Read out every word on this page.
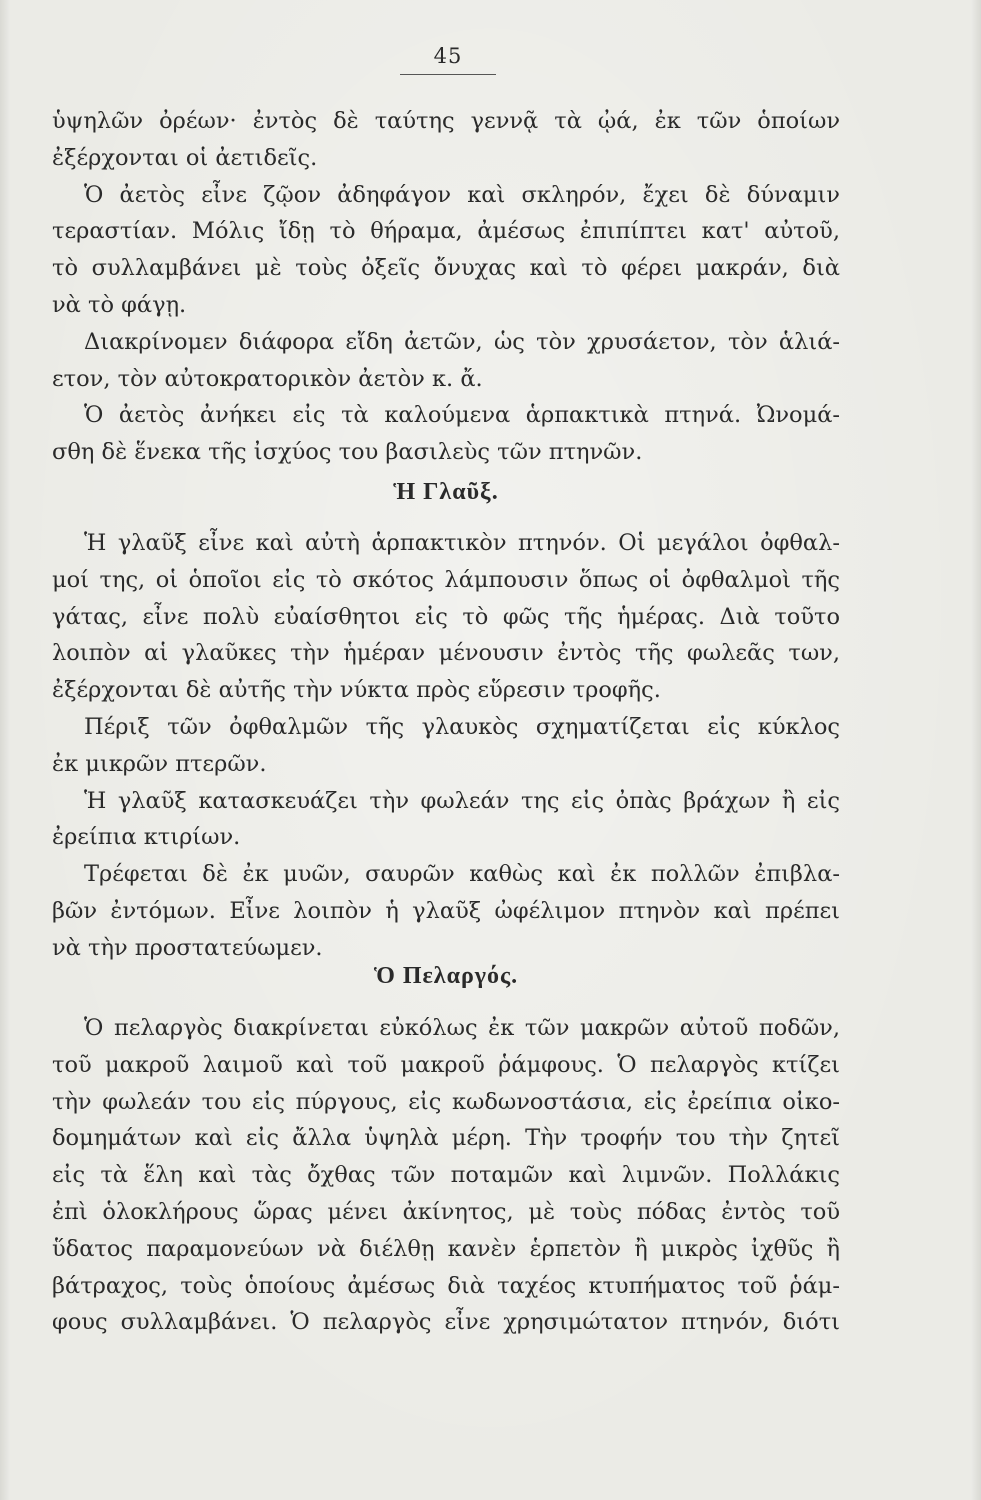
45
ὑψηλῶν ὀρέων· ἐντὸς δὲ ταύτης γεννᾷ τὰ ᾠά, ἐκ τῶν ὁποίων
ἐξέρχονται οἱ ἀετιδεῖς.
Ὁ ἀετὸς εἶνε ζῷον ἀδηφάγον καὶ σκληρόν, ἔχει δὲ δύναμιν
τεραστίαν. Μόλις ἴδῃ τὸ θήραμα, ἀμέσως ἐπιπίπτει κατ' αὐτοῦ,
τὸ συλλαμβάνει μὲ τοὺς ὀξεῖς ὄνυχας καὶ τὸ φέρει μακράν, διὰ
νὰ τὸ φάγῃ.
Διακρίνομεν διάφορα εἴδη ἀετῶν, ὡς τὸν χρυσάετον, τὸν ἁλιά-
ετον, τὸν αὐτοκρατορικὸν ἀετὸν κ. ἄ.
Ὁ ἀετὸς ἀνήκει εἰς τὰ καλούμενα ἁρπακτικὰ πτηνά. Ὠνομά-
σθη δὲ ἕνεκα τῆς ἰσχύος του βασιλεὺς τῶν πτηνῶν.
Ἡ Γλαῦξ.
Ἡ γλαῦξ εἶνε καὶ αὐτὴ ἁρπακτικὸν πτηνόν. Οἱ μεγάλοι ὀφθαλ-
μοί της, οἱ ὁποῖοι εἰς τὸ σκότος λάμπουσιν ὅπως οἱ ὀφθαλμοὶ τῆς
γάτας, εἶνε πολὺ εὐαίσθητοι εἰς τὸ φῶς τῆς ἡμέρας. Διὰ τοῦτο
λοιπὸν αἱ γλαῦκες τὴν ἡμέραν μένουσιν ἐντὸς τῆς φωλεᾶς των,
ἐξέρχονται δὲ αὐτῆς τὴν νύκτα πρὸς εὕρεσιν τροφῆς.
Πέριξ τῶν ὀφθαλμῶν τῆς γλαυκὸς σχηματίζεται εἰς κύκλος
ἐκ μικρῶν πτερῶν.
Ἡ γλαῦξ κατασκευάζει τὴν φωλεάν της εἰς ὀπὰς βράχων ἢ εἰς
ἐρείπια κτιρίων.
Τρέφεται δὲ ἐκ μυῶν, σαυρῶν καθὼς καὶ ἐκ πολλῶν ἐπιβλα-
βῶν ἐντόμων. Εἶνε λοιπὸν ἡ γλαῦξ ὠφέλιμον πτηνὸν καὶ πρέπει
νὰ τὴν προστατεύωμεν.
Ὁ Πελαργός.
Ὁ πελαργὸς διακρίνεται εὐκόλως ἐκ τῶν μακρῶν αὐτοῦ ποδῶν,
τοῦ μακροῦ λαιμοῦ καὶ τοῦ μακροῦ ῥάμφους. Ὁ πελαργὸς κτίζει
τὴν φωλεάν του εἰς πύργους, εἰς κωδωνοστάσια, εἰς ἐρείπια οἰκο-
δομημάτων καὶ εἰς ἄλλα ὑψηλὰ μέρη. Τὴν τροφήν του τὴν ζητεῖ
εἰς τὰ ἕλη καὶ τὰς ὄχθας τῶν ποταμῶν καὶ λιμνῶν. Πολλάκις
ἐπὶ ὁλοκλήρους ὥρας μένει ἀκίνητος, μὲ τοὺς πόδας ἐντὸς τοῦ
ὕδατος παραμονεύων νὰ διέλθῃ κανὲν ἑρπετὸν ἢ μικρὸς ἰχθῦς ἢ
βάτραχος, τοὺς ὁποίους ἀμέσως διὰ ταχέος κτυπήματος τοῦ ῥάμ-
φους συλλαμβάνει. Ὁ πελαργὸς εἶνε χρησιμώτατον πτηνόν, διότι
